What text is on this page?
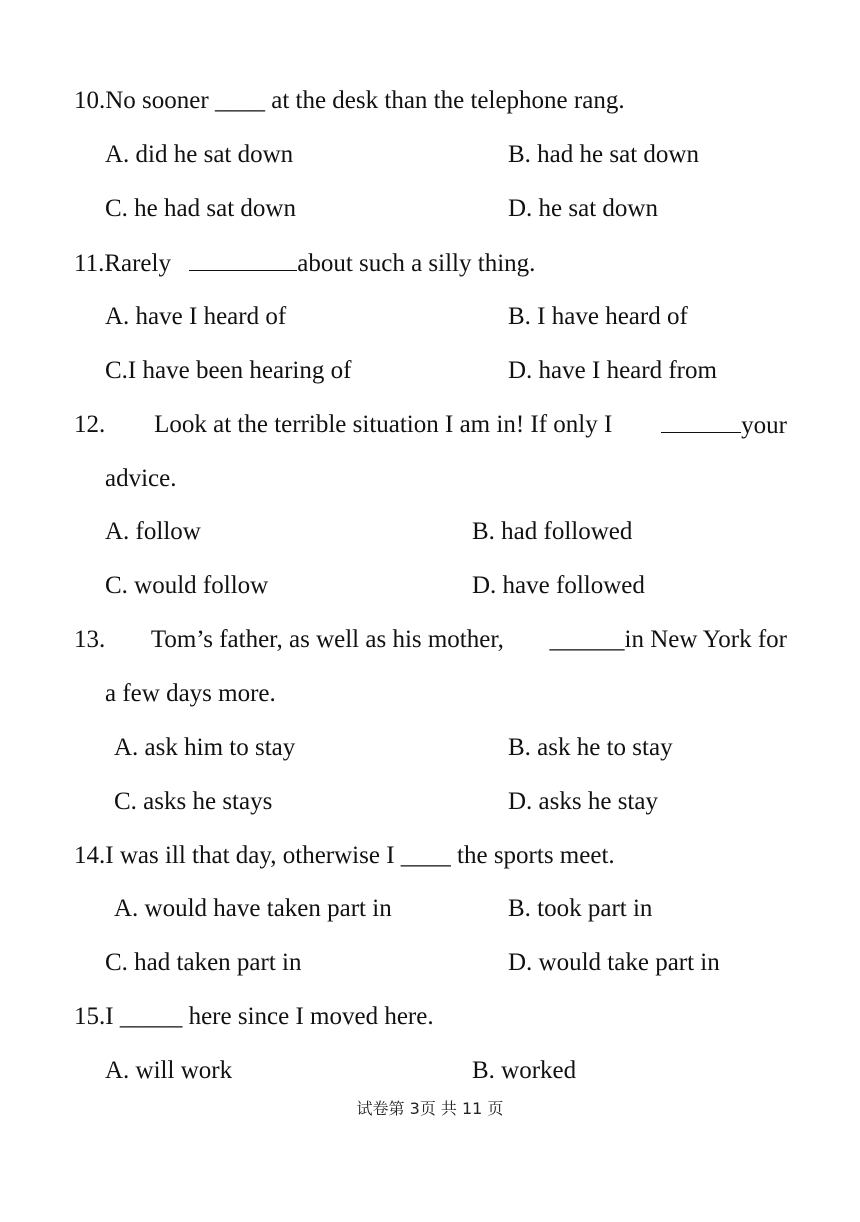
10.No sooner ____ at the desk than the telephone rang.
A. did he sat down	B. had he sat down
C. he had sat down	D. he sat down
11.Rarely	about such a silly thing.
A. have I heard of	B. I have heard of
C.I have been hearing of	D. have I heard from
12. Look at the terrible situation I am in! If only I	your
advice.
A. follow	B. had followed
C. would follow	D. have followed
13. Tom’s father, as well as his mother, ______in New York for
a few days more.
A. ask him to stay	B. ask he to stay
C. asks he stays	D. asks he stay
14.I was ill that day, otherwise I ____ the sports meet.
A. would have taken part in	B. took part in
C. had taken part in	D. would take part in
15.I _____ here since I moved here.
A. will work	B. worked
试卷第 3页 共 11 页
